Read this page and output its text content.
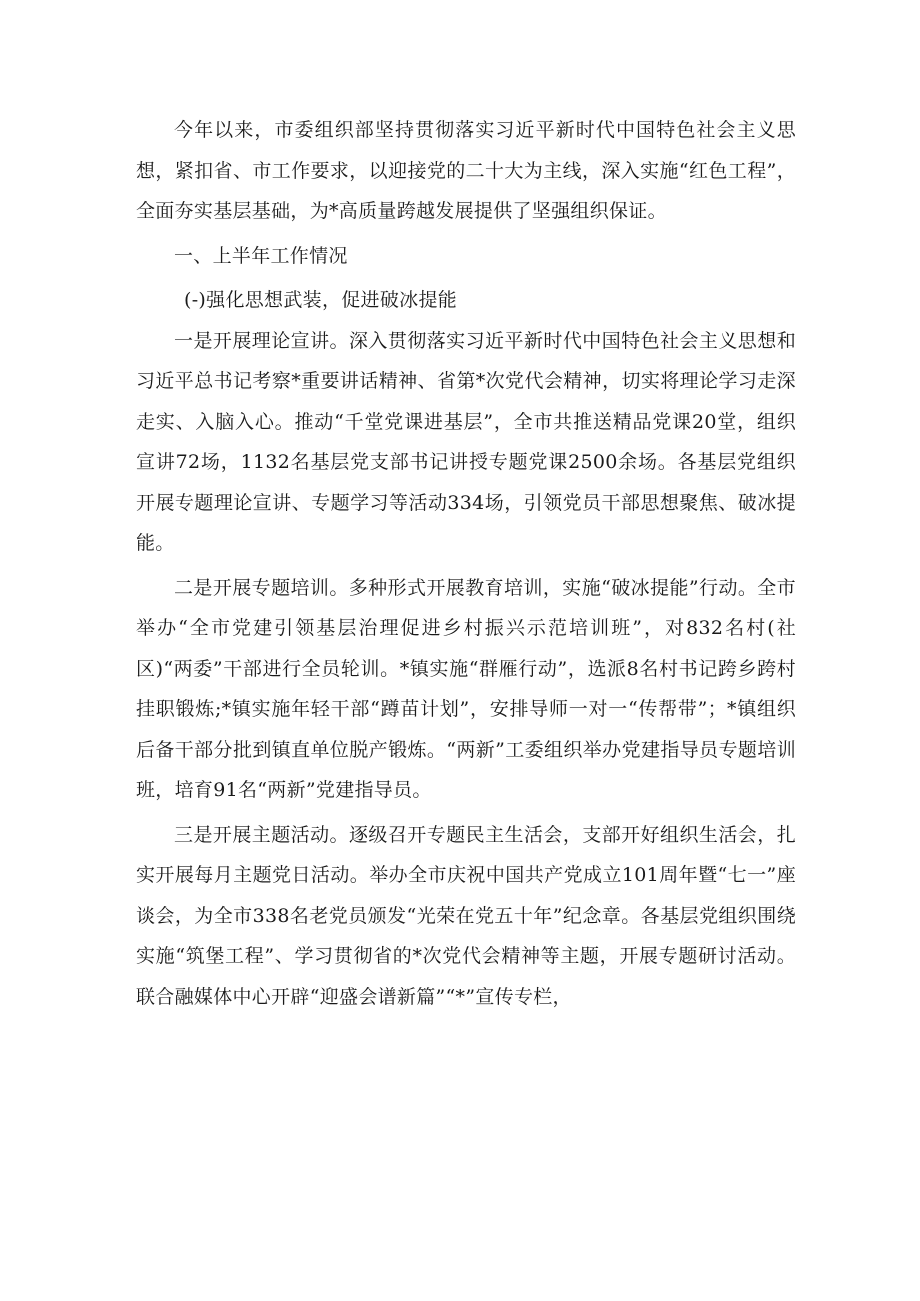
今年以来，市委组织部坚持贯彻落实习近平新时代中国特色社会主义思想，紧扣省、市工作要求，以迎接党的二十大为主线，深入实施“红色工程”，全面夯实基层基础，为*高质量跨越发展提供了坚强组织保证。

一、上半年工作情况

(-)强化思想武装，促进破冰提能

一是开展理论宣讲。深入贯彻落实习近平新时代中国特色社会主义思想和习近平总书记考察*重要讲话精神、省第*次党代会精神，切实将理论学习走深走实、入脑入心。推动“千堂党课进基层”，全市共推送精品党课20堂，组织宣讲72场，1132名基层党支部书记讲授专题党课2500余场。各基层党组织开展专题理论宣讲、专题学习等活动334场，引领党员干部思想聚焦、破冰提能。

二是开展专题培训。多种形式开展教育培训，实施“破冰提能”行动。全市举办“全市党建引领基层治理促进乡村振兴示范培训班”，对832名村(社区)“两委”干部进行全员轮训。*镇实施“群雁行动”，选派8名村书记跨乡跨村挂职锻炼;*镇实施年轻干部“蹲苗计划”，安排导师一对一“传帮带”；*镇组织后备干部分批到镇直单位脱产锻炼。“两新”工委组织举办党建指导员专题培训班，培育91名“两新”党建指导员。

三是开展主题活动。逐级召开专题民主生活会，支部开好组织生活会，扎实开展每月主题党日活动。举办全市庆祝中国共产党成立101周年暨“七一”座谈会，为全市338名老党员颁发“光荣在党五十年”纪念章。各基层党组织围绕实施“筑堡工程”、学习贯彻省的*次党代会精神等主题，开展专题研讨活动。联合融媒体中心开辟“迎盛会谱新篇”“*”宣传专栏，
